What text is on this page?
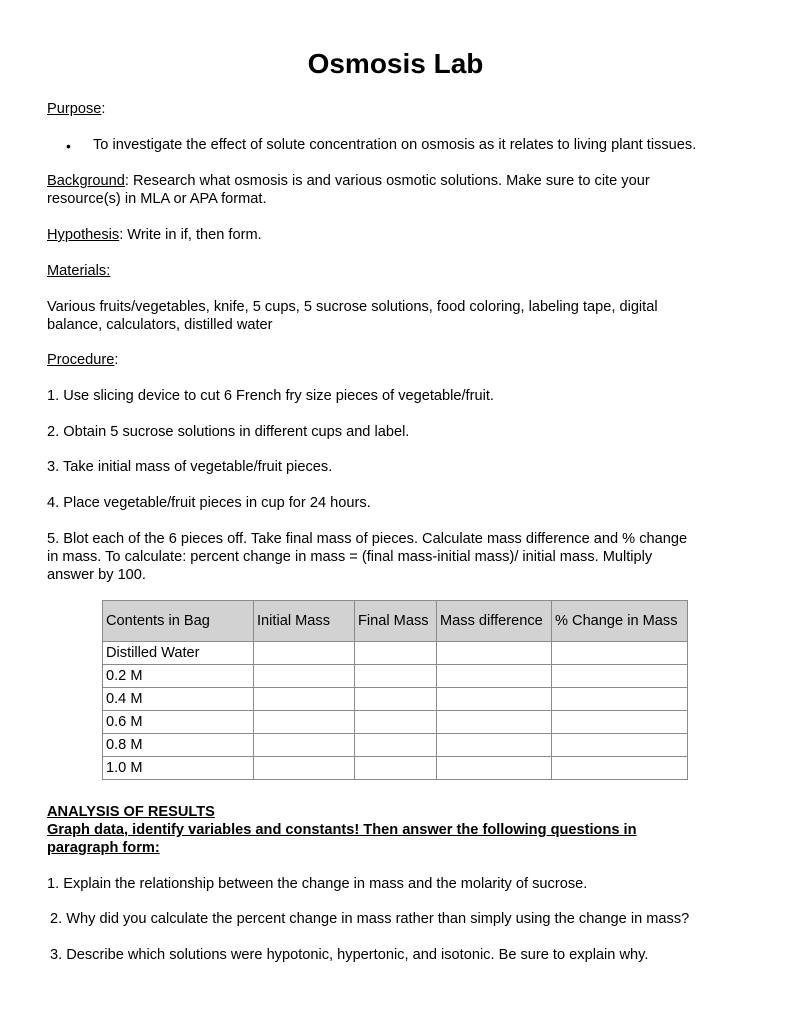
Osmosis Lab
Purpose:
• To investigate the effect of solute concentration on osmosis as it relates to living plant tissues.
Background: Research what osmosis is and various osmotic solutions. Make sure to cite your
resource(s) in MLA or APA format.
Hypothesis: Write in if, then form.
Materials:
Various fruits/vegetables, knife, 5 cups, 5 sucrose solutions, food coloring, labeling tape, digital
balance, calculators, distilled water
Procedure:
1. Use slicing device to cut 6 French fry size pieces of vegetable/fruit.
2. Obtain 5 sucrose solutions in different cups and label.
3. Take initial mass of vegetable/fruit pieces.
4. Place vegetable/fruit pieces in cup for 24 hours.
5. Blot each of the 6 pieces off. Take final mass of pieces. Calculate mass difference and % change
in mass. To calculate: percent change in mass = (final mass-initial mass)/ initial mass. Multiply
answer by 100.
Contents in Bag	Initial Mass	Final Mass	Mass difference	% Change in Mass
Distilled Water				
0.2 M				
0.4 M				
0.6 M				
0.8 M				
1.0 M				
ANALYSIS OF RESULTS
Graph data, identify variables and constants! Then answer the following questions in
paragraph form:
1. Explain the relationship between the change in mass and the molarity of sucrose.
2. Why did you calculate the percent change in mass rather than simply using the change in mass?
3. Describe which solutions were hypotonic, hypertonic, and isotonic. Be sure to explain why.
